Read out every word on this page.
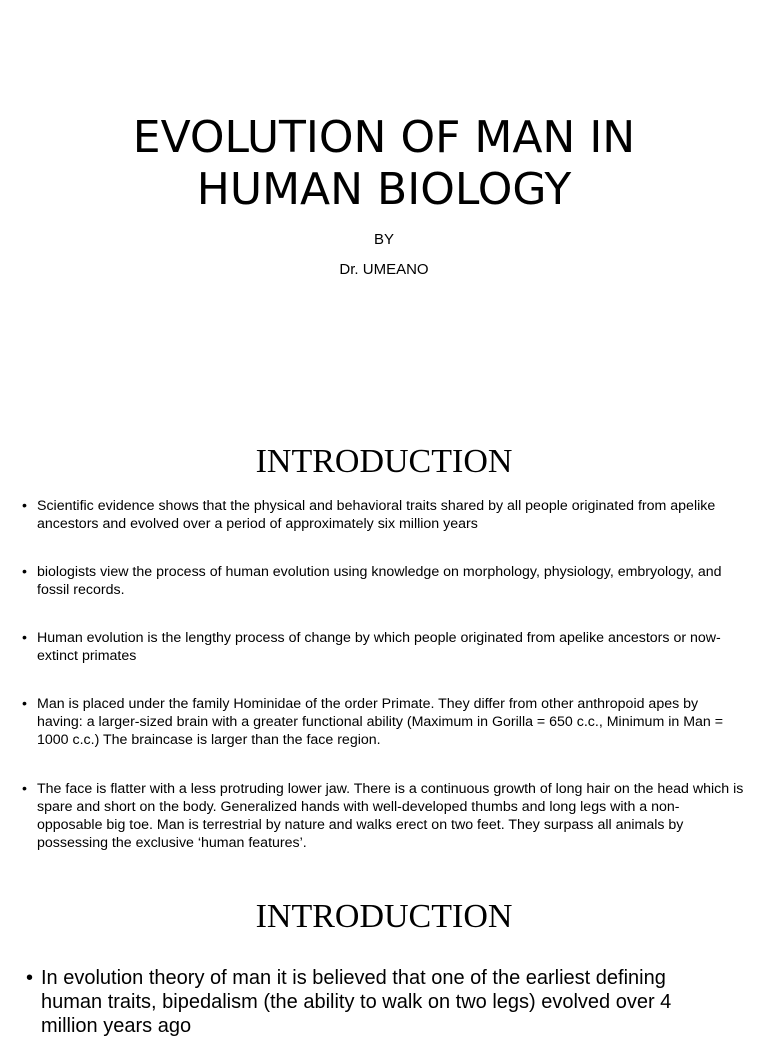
EVOLUTION OF MAN IN
HUMAN BIOLOGY

BY

Dr. UMEANO

INTRODUCTION
• Scientific evidence shows that the physical and behavioral traits shared by all people originated from apelike ancestors and evolved over a period of approximately six million years
• biologists view the process of human evolution using knowledge on morphology, physiology, embryology, and fossil records.
• Human evolution is the lengthy process of change by which people originated from apelike ancestors or now-extinct primates
• Man is placed under the family Hominidae of the order Primate. They differ from other anthropoid apes by having: a larger-sized brain with a greater functional ability (Maximum in Gorilla = 650 c.c., Minimum in Man = 1000 c.c.) The braincase is larger than the face region.
• The face is flatter with a less protruding lower jaw. There is a continuous growth of long hair on the head which is spare and short on the body. Generalized hands with well-developed thumbs and long legs with a non-opposable big toe. Man is terrestrial by nature and walks erect on two feet. They surpass all animals by possessing the exclusive ‘human features’.
INTRODUCTION
• In evolution theory of man it is believed that one of the earliest defining human traits, bipedalism (the ability to walk on two legs) evolved over 4 million years ago
